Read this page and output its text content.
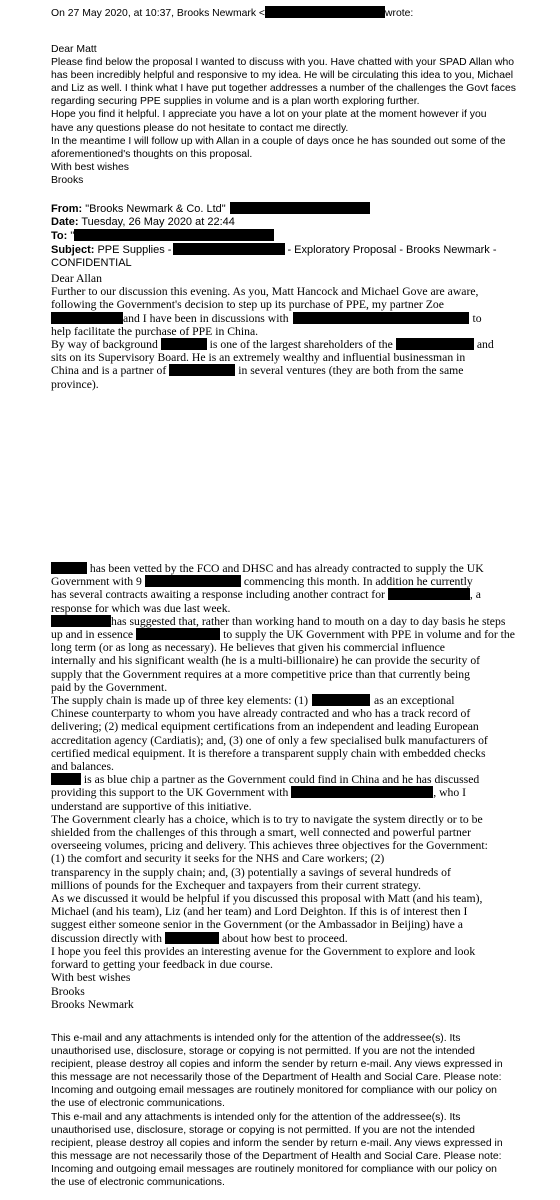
On 27 May 2020, at 10:37, Brooks Newmark <	wrote:
Dear Matt
Please find below the proposal I wanted to discuss with you. Have chatted with your SPAD Allan who
has been incredibly helpful and responsive to my idea. He will be circulating this idea to you, Michael
and Liz as well. I think what I have put together addresses a number of the challenges the Govt faces
regarding securing PPE supplies in volume and is a plan worth exploring further.
Hope you find it helpful. I appreciate you have a lot on your plate at the moment however if you
have any questions please do not hesitate to contact me directly.
In the meantime I will follow up with Allan in a couple of days once he has sounded out some of the
aforementioned's thoughts on this proposal.
With best wishes
Brooks
From: "Brooks Newmark & Co. Ltd"
Date: Tuesday, 26 May 2020 at 22:44
To: "
Subject: PPE Supplies -	- Exploratory Proposal - Brooks Newmark -
CONFIDENTIAL
Dear Allan
Further to our discussion this evening. As you, Matt Hancock and Michael Gove are aware,
following the Government's decision to step up its purchase of PPE, my partner Zoe
and I have been in discussions with	to
help facilitate the purchase of PPE in China.
By way of background	is one of the largest shareholders of the	and
sits on its Supervisory Board. He is an extremely wealthy and influential businessman in
China and is a partner of	in several ventures (they are both from the same
province).
has been vetted by the FCO and DHSC and has already contracted to supply the UK
Government with 9	commencing this month. In addition he currently
has several contracts awaiting a response including another contract for	, a
response for which was due last week.
has suggested that, rather than working hand to mouth on a day to day basis he steps
up and in essence	to supply the UK Government with PPE in volume and for the
long term (or as long as necessary). He believes that given his commercial influence
internally and his significant wealth (he is a multi-billionaire) he can provide the security of
supply that the Government requires at a more competitive price than that currently being
paid by the Government.
The supply chain is made up of three key elements: (1)	as an exceptional
Chinese counterparty to whom you have already contracted and who has a track record of
delivering; (2) medical equipment certifications from an independent and leading European
accreditation agency (Cardiatis); and, (3) one of only a few specialised bulk manufacturers of
certified medical equipment. It is therefore a transparent supply chain with embedded checks
and balances.
is as blue chip a partner as the Government could find in China and he has discussed
providing this support to the UK Government with	, who I
understand are supportive of this initiative.
The Government clearly has a choice, which is to try to navigate the system directly or to be
shielded from the challenges of this through a smart, well connected and powerful partner
overseeing volumes, pricing and delivery. This achieves three objectives for the Government:
(1) the comfort and security it seeks for the NHS and Care workers; (2)
transparency in the supply chain; and, (3) potentially a savings of several hundreds of
millions of pounds for the Exchequer and taxpayers from their current strategy.
As we discussed it would be helpful if you discussed this proposal with Matt (and his team),
Michael (and his team), Liz (and her team) and Lord Deighton. If this is of interest then I
suggest either someone senior in the Government (or the Ambassador in Beijing) have a
discussion directly with	about how best to proceed.
I hope you feel this provides an interesting avenue for the Government to explore and look
forward to getting your feedback in due course.
With best wishes
Brooks
Brooks Newmark
This e-mail and any attachments is intended only for the attention of the addressee(s). Its
unauthorised use, disclosure, storage or copying is not permitted. If you are not the intended
recipient, please destroy all copies and inform the sender by return e-mail. Any views expressed in
this message are not necessarily those of the Department of Health and Social Care. Please note:
Incoming and outgoing email messages are routinely monitored for compliance with our policy on
the use of electronic communications.
This e-mail and any attachments is intended only for the attention of the addressee(s). Its
unauthorised use, disclosure, storage or copying is not permitted. If you are not the intended
recipient, please destroy all copies and inform the sender by return e-mail. Any views expressed in
this message are not necessarily those of the Department of Health and Social Care. Please note:
Incoming and outgoing email messages are routinely monitored for compliance with our policy on
the use of electronic communications.
